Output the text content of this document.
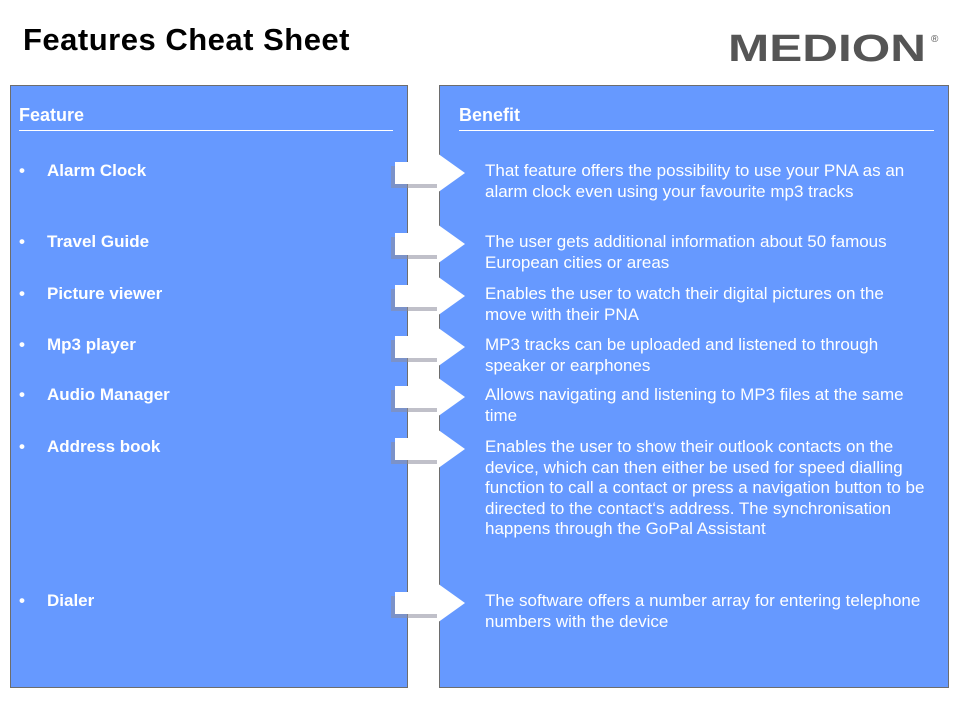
Features Cheat Sheet	MEDION ®
Feature
• Alarm Clock
• Travel Guide
• Picture viewer
• Mp3 player
• Audio Manager
• Address book
• Dialer
Benefit
That feature offers the possibility to use your PNA as an alarm clock even using your favourite mp3 tracks
The user gets additional information about 50 famous European cities or areas
Enables the user to watch their digital pictures on the move with their PNA
MP3 tracks can be uploaded and listened to through speaker or earphones
Allows navigating and listening to MP3 files at the same time
Enables the user to show their outlook contacts on the device, which can then either be used for speed dialling function to call a contact or press a navigation button to be directed to the contact‘s address. The synchronisation happens through the GoPal Assistant
The software offers a number array for entering telephone numbers with the device
